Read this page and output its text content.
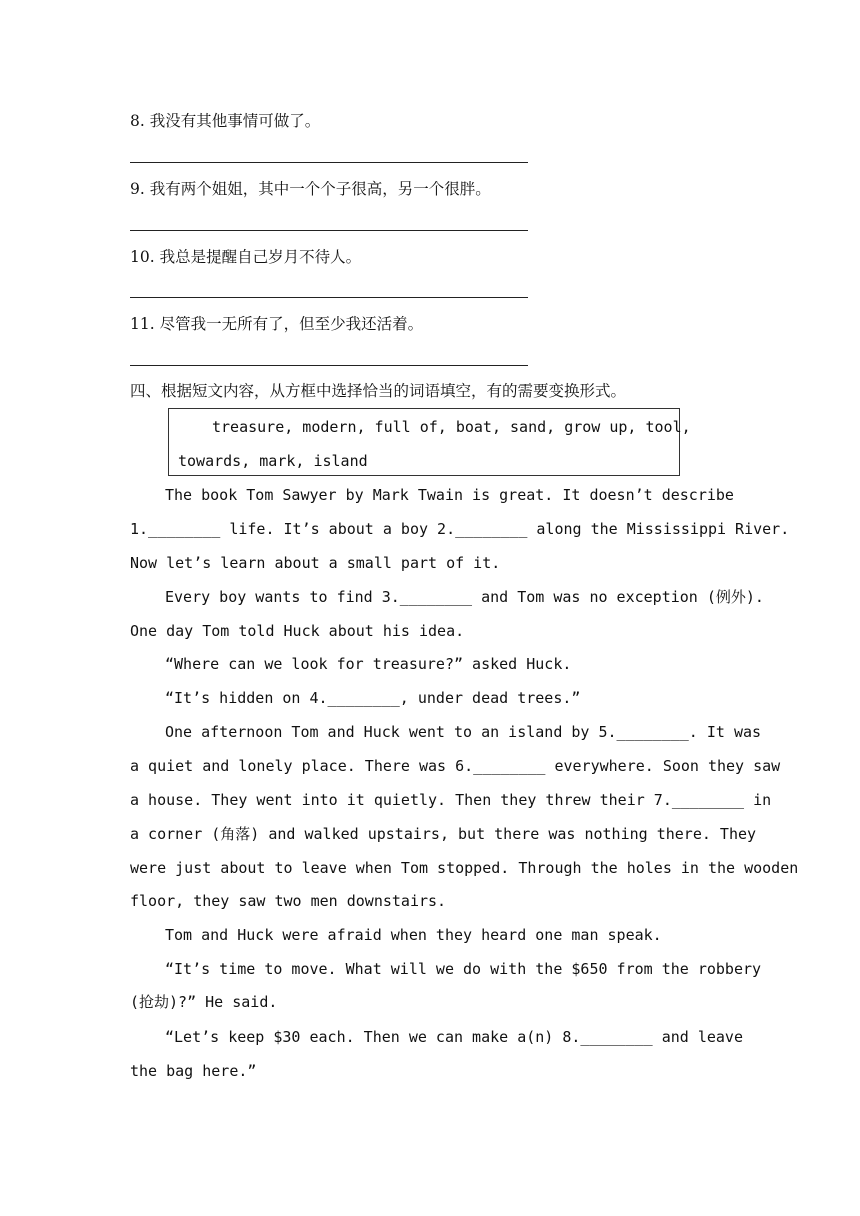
8. 我没有其他事情可做了。
9. 我有两个姐姐，其中一个个子很高，另一个很胖。
10. 我总是提醒自己岁月不待人。
11. 尽管我一无所有了，但至少我还活着。
四、根据短文内容，从方框中选择恰当的词语填空，有的需要变换形式。
treasure, modern, full of, boat, sand, grow up, tool,
towards, mark, island
The book Tom Sawyer by Mark Twain is great. It doesn’t describe
1.________ life. It’s about a boy 2.________ along the Mississippi River.
Now let’s learn about a small part of it.
Every boy wants to find 3.________ and Tom was no exception (例外).
One day Tom told Huck about his idea.
“Where can we look for treasure?” asked Huck.
“It’s hidden on 4.________, under dead trees.”
One afternoon Tom and Huck went to an island by 5.________. It was
a quiet and lonely place. There was 6.________ everywhere. Soon they saw
a house. They went into it quietly. Then they threw their 7.________ in
a corner (角落) and walked upstairs, but there was nothing there. They
were just about to leave when Tom stopped. Through the holes in the wooden
floor, they saw two men downstairs.
Tom and Huck were afraid when they heard one man speak.
“It’s time to move. What will we do with the $650 from the robbery
(抢劫)?” He said.
“Let’s keep $30 each. Then we can make a(n) 8.________ and leave
the bag here.”
